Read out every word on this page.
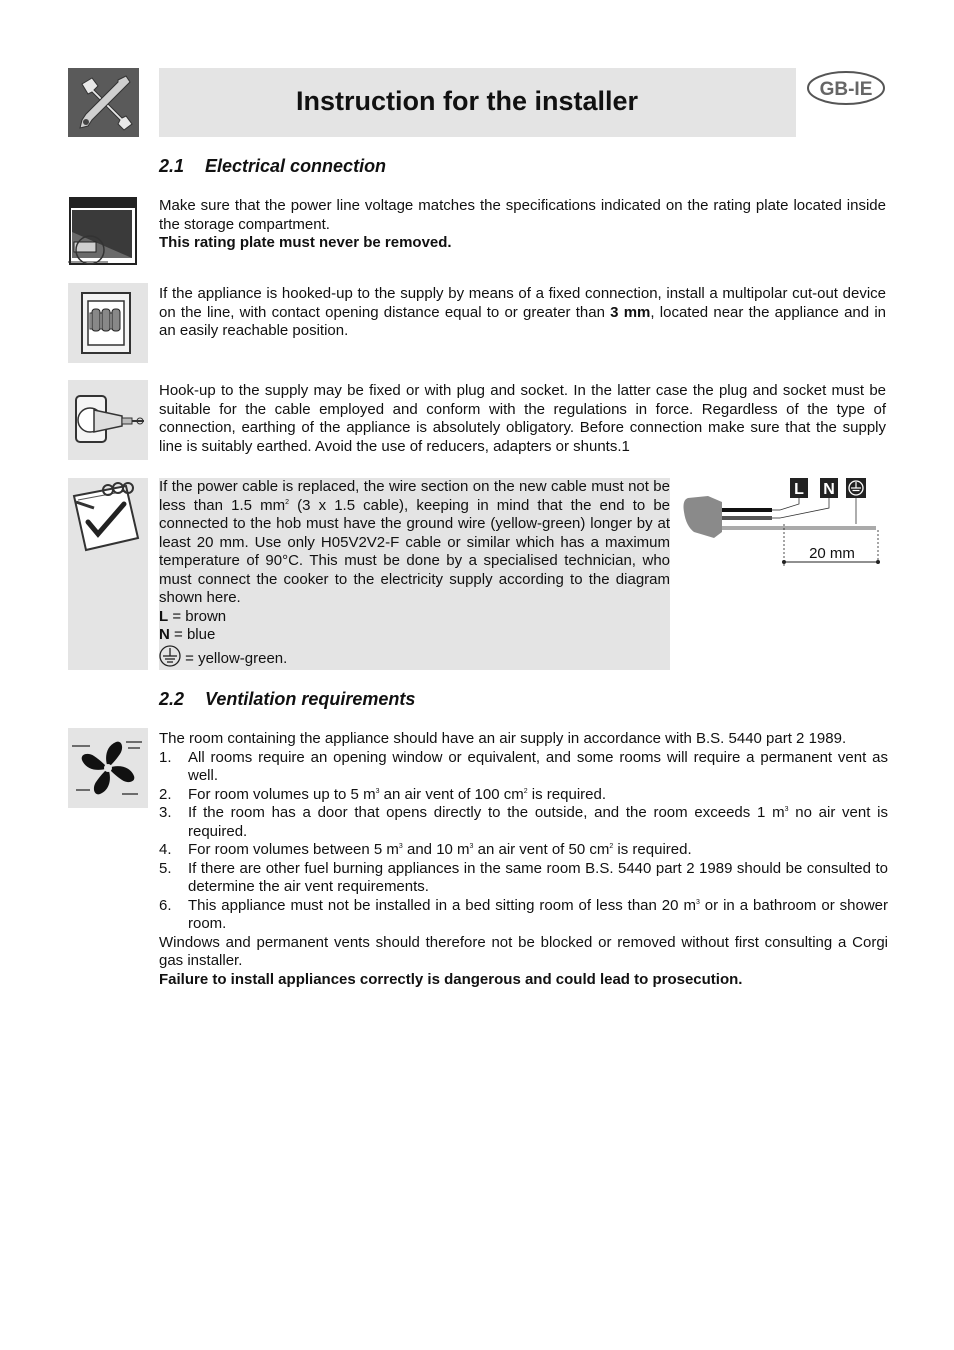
Instruction for the installer	GB-IE
2.1 Electrical connection

Make sure that the power line voltage matches the specifications indicated on the rating plate located inside the storage compartment.

This rating plate must never be removed.

If the appliance is hooked-up to the supply by means of a fixed connection, install a multipolar cut-out device on the line, with contact opening distance equal to or greater than 3 mm, located near the appliance and in an easily reachable position.

Hook-up to the supply may be fixed or with plug and socket. In the latter case the plug and socket must be suitable for the cable employed and conform with the regulations in force. Regardless of the type of connection, earthing of the appliance is absolutely obligatory. Before connection make sure that the supply line is suitably earthed. Avoid the use of reducers, adapters or shunts.1

If the power cable is replaced, the wire section on the new cable must not be less than 1.5 $mm^2$ (3 x 1.5 cable), keeping in mind that the end to be connected to the hob must have the ground wire (yellow-green) longer by at least 20 mm. Use only H05V2V2-F cable or similar which has a maximum temperature of 90°C. This must be done by a specialised technician, who must connect the cooker to the electricity supply according to the diagram shown here.

L = brown

N = blue

= yellow-green.

L N
20 mm
2.2 Ventilation requirements

The room containing the appliance should have an air supply in accordance with B.S. 5440 part 2 1989.

1. All rooms require an opening window or equivalent, and some rooms will require a permanent vent as well.
2. For room volumes up to 5 $m^3$ an air vent of 100 $cm^2$ is required.
3. If the room has a door that opens directly to the outside, and the room exceeds 1 $m^3$ no air vent is required.
4. For room volumes between 5 $m^3$ and 10 $m^3$ an air vent of 50 $cm^2$ is required.
5. If there are other fuel burning appliances in the same room B.S. 5440 part 2 1989 should be consulted to determine the air vent requirements.
6. This appliance must not be installed in a bed sitting room of less than 20 $m^3$ or in a bathroom or shower room.

Windows and permanent vents should therefore not be blocked or removed without first consulting a Corgi gas installer.

Failure to install appliances correctly is dangerous and could lead to prosecution.
